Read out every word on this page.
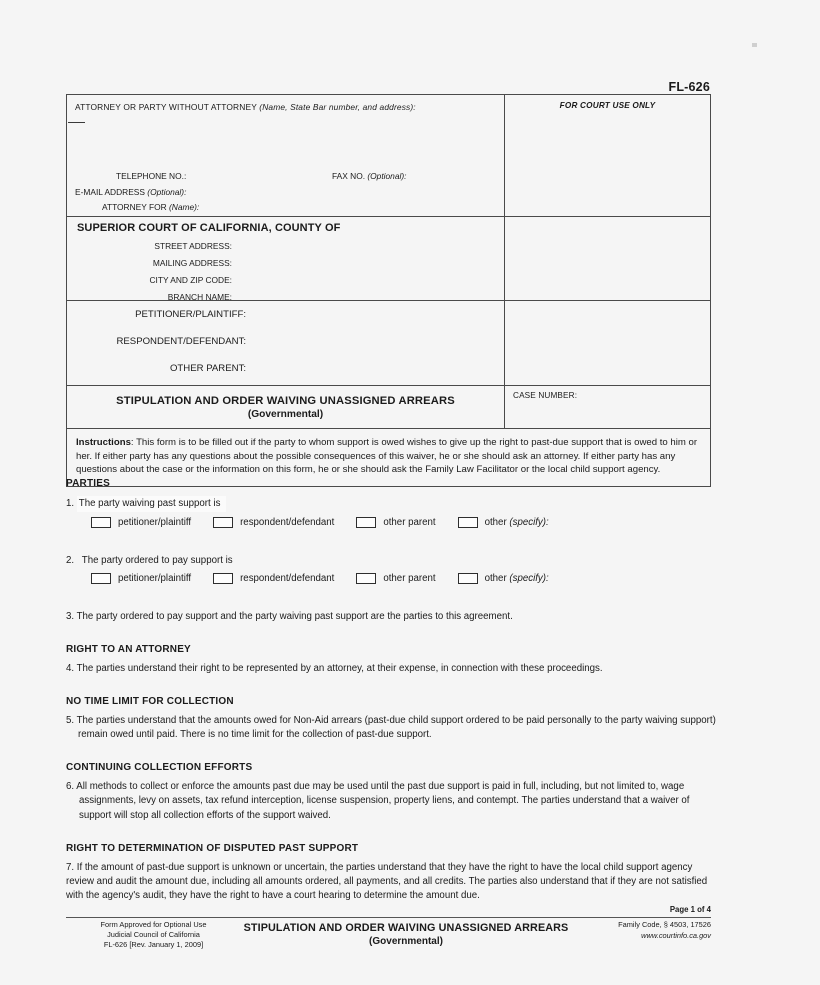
FL-626
ATTORNEY OR PARTY WITHOUT ATTORNEY (Name, State Bar number, and address):
TELEPHONE NO.:	FAX NO. (Optional):
E-MAIL ADDRESS (Optional):
ATTORNEY FOR (Name):
FOR COURT USE ONLY
SUPERIOR COURT OF CALIFORNIA, COUNTY OF
STREET ADDRESS:
MAILING ADDRESS:
CITY AND ZIP CODE:
BRANCH NAME:
PETITIONER/PLAINTIFF:
RESPONDENT/DEFENDANT:
OTHER PARENT:
STIPULATION AND ORDER WAIVING UNASSIGNED ARREARS
(Governmental)
CASE NUMBER:
Instructions: This form is to be filled out if the party to whom support is owed wishes to give up the right to past-due support that is owed to him or her. If either party has any questions about the possible consequences of this waiver, he or she should ask an attorney. If either party has any questions about the case or the information on this form, he or she should ask the Family Law Facilitator or the local child support agency.
PARTIES
1. The party waiving past support is
petitioner/plaintiff	respondent/defendant	other parent	other (specify):
2. The party ordered to pay support is
petitioner/plaintiff	respondent/defendant	other parent	other (specify):
3. The party ordered to pay support and the party waiving past support are the parties to this agreement.
RIGHT TO AN ATTORNEY
4. The parties understand their right to be represented by an attorney, at their expense, in connection with these proceedings.
NO TIME LIMIT FOR COLLECTION
5. The parties understand that the amounts owed for Non-Aid arrears (past-due child support ordered to be paid personally to the party waiving support) remain owed until paid. There is no time limit for the collection of past-due support.
CONTINUING COLLECTION EFFORTS
6. All methods to collect or enforce the amounts past due may be used until the past due support is paid in full, including, but not limited to, wage assignments, levy on assets, tax refund interception, license suspension, property liens, and contempt. The parties understand that a waiver of support will stop all collection efforts of the support waived.
RIGHT TO DETERMINATION OF DISPUTED PAST SUPPORT
7. If the amount of past-due support is unknown or uncertain, the parties understand that they have the right to have the local child support agency review and audit the amount due, including all amounts ordered, all payments, and all credits. The parties also understand that if they are not satisfied with the agency's audit, they have the right to have a court hearing to determine the amount due.
Page 1 of 4
Form Approved for Optional Use
Judicial Council of California
FL-626 [Rev. January 1, 2009]
STIPULATION AND ORDER WAIVING UNASSIGNED ARREARS
(Governmental)
Family Code, § 4503, 17526
www.courtinfo.ca.gov
